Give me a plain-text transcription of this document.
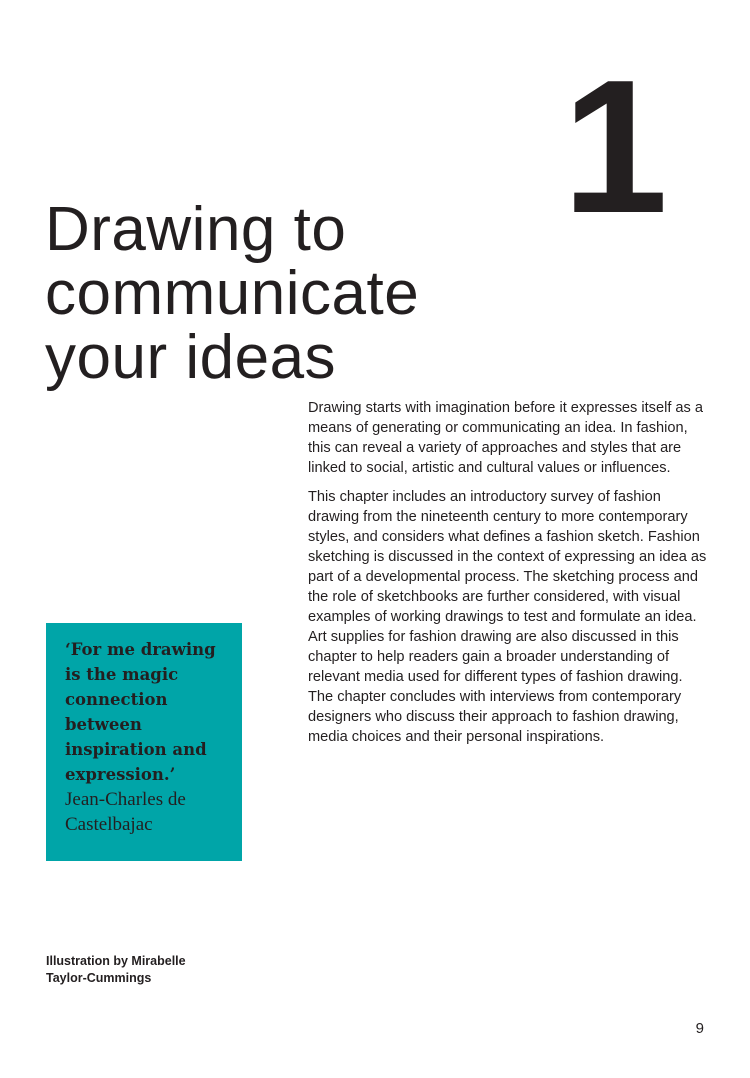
1
Drawing to
communicate
your ideas

Drawing starts with imagination before it expresses itself as a means of generating or communicating an idea. In fashion, this can reveal a variety of approaches and styles that are linked to social, artistic and cultural values or influences.

This chapter includes an introductory survey of fashion drawing from the nineteenth century to more contemporary styles, and considers what defines a fashion sketch. Fashion sketching is discussed in the context of expressing an idea as part of a developmental process. The sketching process and the role of sketchbooks are further considered, with visual examples of working drawings to test and formulate an idea. Art supplies for fashion drawing are also discussed in this chapter to help readers gain a broader understanding of relevant media used for different types of fashion drawing. The chapter concludes with interviews from contemporary designers who discuss their approach to fashion drawing, media choices and their personal inspirations.

‘For me drawing is the magic connection between inspiration and expression.’

Jean-Charles de Castelbajac

Illustration by Mirabelle
Taylor-Cummings
9
